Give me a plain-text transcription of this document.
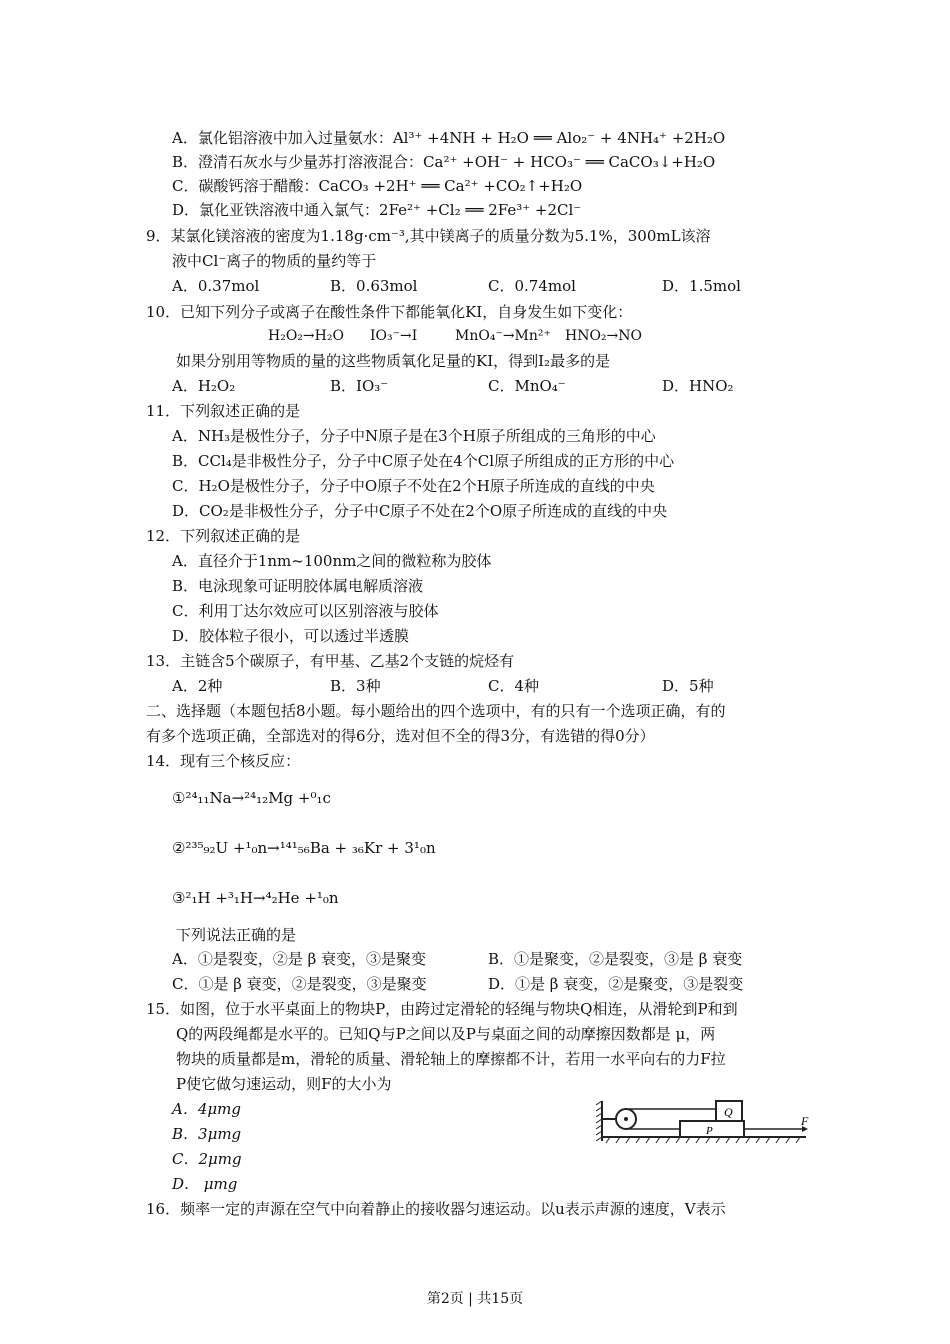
A．氯化铝溶液中加入过量氨水：Al³⁺ +4NH + H₂O ══ Alo₂⁻ + 4NH₄⁺ +2H₂O
B．澄清石灰水与少量苏打溶液混合：Ca²⁺ +OH⁻ + HCO₃⁻ ══ CaCO₃↓+H₂O
C．碳酸钙溶于醋酸：CaCO₃ +2H⁺ ══ Ca²⁺ +CO₂↑+H₂O
D．氯化亚铁溶液中通入氯气：2Fe²⁺ +Cl₂ ══ 2Fe³⁺ +2Cl⁻
9．某氯化镁溶液的密度为1.18g·cm⁻³,其中镁离子的质量分数为5.1%，300mL该溶
液中Cl⁻离子的物质的量约等于
A．0.37mol	B．0.63mol	C．0.74mol	D．1.5mol
10．已知下列分子或离子在酸性条件下都能氧化KI，自身发生如下变化：
H₂O₂→H₂O IO₃⁻→I	MnO₄⁻→Mn²⁺ HNO₂→NO
如果分别用等物质的量的这些物质氧化足量的KI，得到I₂最多的是
A．H₂O₂	B．IO₃⁻	C．MnO₄⁻	D．HNO₂
11．下列叙述正确的是
A．NH₃是极性分子，分子中N原子是在3个H原子所组成的三角形的中心
B．CCl₄是非极性分子，分子中C原子处在4个Cl原子所组成的正方形的中心
C．H₂O是极性分子，分子中O原子不处在2个H原子所连成的直线的中央
D．CO₂是非极性分子，分子中C原子不处在2个O原子所连成的直线的中央
12．下列叙述正确的是
A．直径介于1nm~100nm之间的微粒称为胶体
B．电泳现象可证明胶体属电解质溶液
C．利用丁达尔效应可以区别溶液与胶体
D．胶体粒子很小，可以透过半透膜
13．主链含5个碳原子，有甲基、乙基2个支链的烷烃有
A．2种	B．3种	C．4种	D．5种
二、选择题（本题包括8小题。每小题给出的四个选项中，有的只有一个选项正确，有的
有多个选项正确，全部选对的得6分，选对但不全的得3分，有选错的得0分）
14．现有三个核反应：
①²⁴₁₁Na→²⁴₁₂Mg +⁰₁c
②²³⁵₉₂U +¹₀n→¹⁴¹₅₆Ba + ₃₆Kr + 3¹₀n
③²₁H +³₁H→⁴₂He +¹₀n
下列说法正确的是
A．①是裂变，②是 β 衰变，③是聚变	B．①是聚变，②是裂变，③是 β 衰变
C．①是 β 衰变，②是裂变，③是聚变	D．①是 β 衰变，②是聚变，③是裂变
15．如图，位于水平桌面上的物块P，由跨过定滑轮的轻绳与物块Q相连，从滑轮到P和到
Q的两段绳都是水平的。已知Q与P之间以及P与桌面之间的动摩擦因数都是 μ，两
物块的质量都是m，滑轮的质量、滑轮轴上的摩擦都不计，若用一水平向右的力F拉
P使它做匀速运动，则F的大小为
A．4μmg
B．3μmg
C．2μmg
D． μmg
Q
P
F
16．频率一定的声源在空气中向着静止的接收器匀速运动。以u表示声源的速度，V表示
第2页 | 共15页
